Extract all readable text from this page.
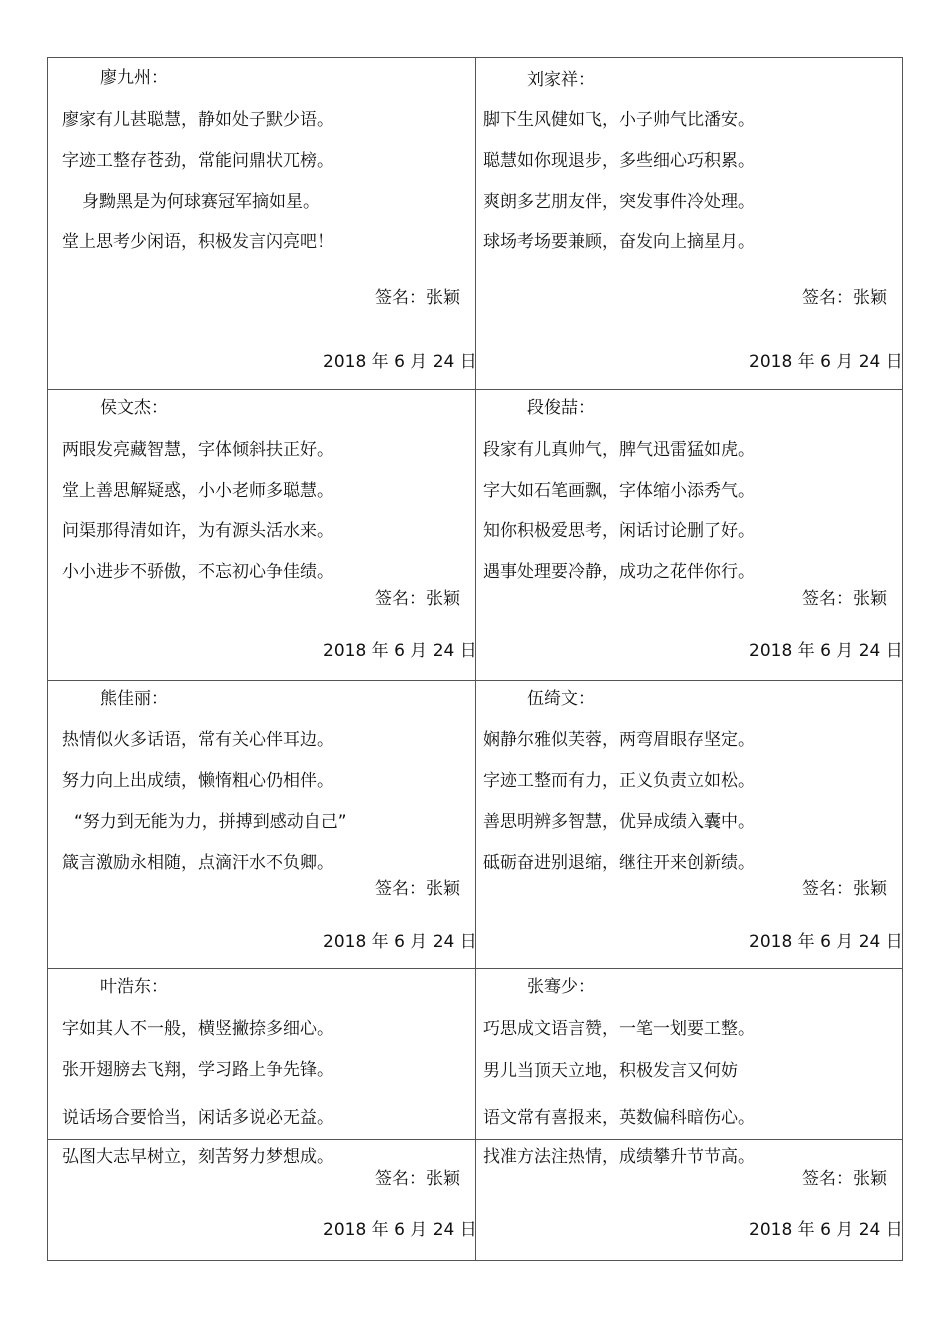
廖九州：
廖家有儿甚聪慧，静如处子默少语。
字迹工整存苍劲，常能问鼎状兀榜。
身黝黑是为何球赛冠军摘如星。
堂上思考少闲语，积极发言闪亮吧！
签名：张颖
2018 年 6 月 24 日
刘家祥：
脚下生风健如飞，小子帅气比潘安。
聪慧如你现退步，多些细心巧积累。
爽朗多艺朋友伴，突发事件冷处理。
球场考场要兼顾，奋发向上摘星月。
签名：张颖
2018 年 6 月 24 日
侯文杰：
两眼发亮藏智慧，字体倾斜扶正好。
堂上善思解疑惑，小小老师多聪慧。
问渠那得清如许，为有源头活水来。
小小进步不骄傲，不忘初心争佳绩。
签名：张颖
2018 年 6 月 24 日
段俊喆：
段家有儿真帅气，脾气迅雷猛如虎。
字大如石笔画飘，字体缩小添秀气。
知你积极爱思考，闲话讨论删了好。
遇事处理要冷静，成功之花伴你行。
签名：张颖
2018 年 6 月 24 日
熊佳丽：
热情似火多话语，常有关心伴耳边。
努力向上出成绩，懒惰粗心仍相伴。
“努力到无能为力，拼搏到感动自己”
箴言激励永相随，点滴汗水不负卿。
签名：张颖
2018 年 6 月 24 日
伍绮文：
娴静尔雅似芙蓉，两弯眉眼存坚定。
字迹工整而有力，正义负责立如松。
善思明辨多智慧，优异成绩入囊中。
砥砺奋进别退缩，继往开来创新绩。
签名：张颖
2018 年 6 月 24 日
叶浩东：
字如其人不一般，横竖撇捺多细心。
张开翅膀去飞翔，学习路上争先锋。
说话场合要恰当，闲话多说必无益。
弘图大志早树立，刻苦努力梦想成。
签名：张颖
2018 年 6 月 24 日
张骞少：
巧思成文语言赞，一笔一划要工整。
男儿当顶天立地，积极发言又何妨
语文常有喜报来，英数偏科暗伤心。
找准方法注热情，成绩攀升节节高。
签名：张颖
2018 年 6 月 24 日
